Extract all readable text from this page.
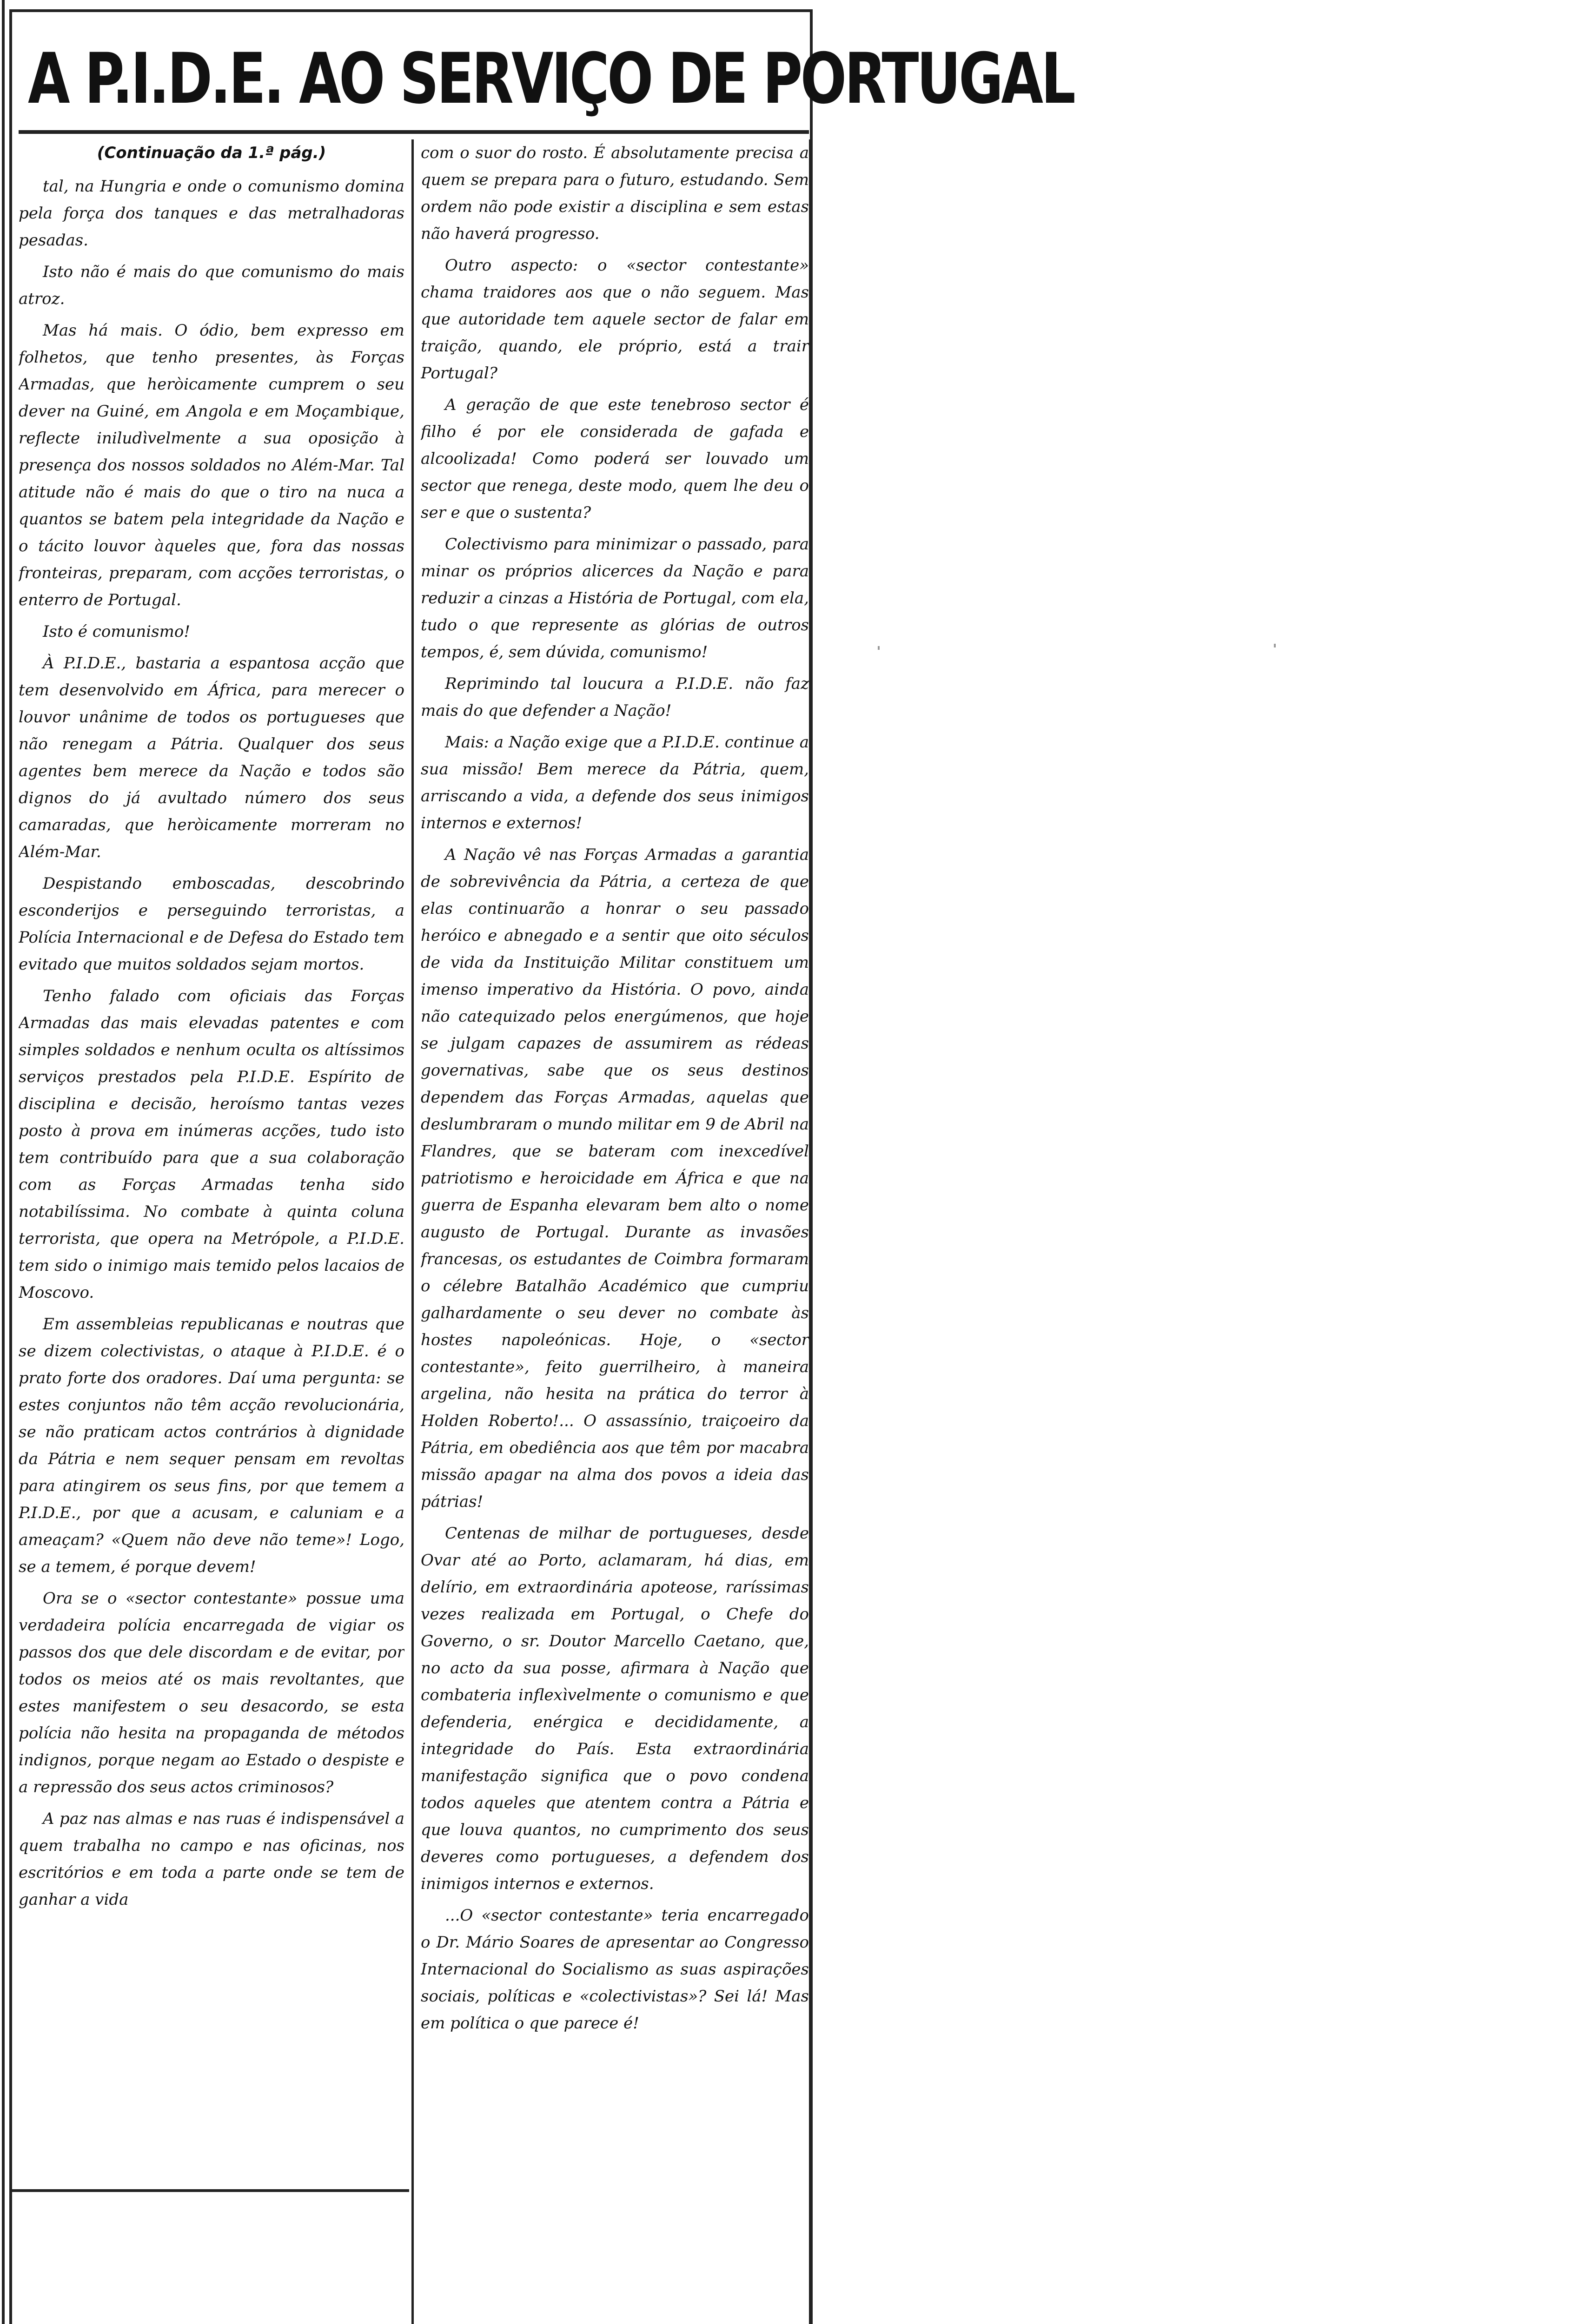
A P.I.D.E. AO SERVIÇO DE PORTUGAL
(Continuação da 1.ª pág.)

tal, na Hungria e onde o comunismo domina pela força dos tanques e das metralhadoras pesadas.

Isto não é mais do que comunismo do mais atroz.

Mas há mais. O ódio, bem expresso em folhetos, que tenho presentes, às Forças Armadas, que heròicamente cumprem o seu dever na Guiné, em Angola e em Moçambique, reflecte iniludìvelmente a sua oposição à presença dos nossos soldados no Além-Mar. Tal atitude não é mais do que o tiro na nuca a quantos se batem pela integridade da Nação e o tácito louvor àqueles que, fora das nossas fronteiras, preparam, com acções terroristas, o enterro de Portugal.

Isto é comunismo!

À P.I.D.E., bastaria a espantosa acção que tem desenvolvido em África, para merecer o louvor unânime de todos os portugueses que não renegam a Pátria. Qualquer dos seus agentes bem merece da Nação e todos são dignos do já avultado número dos seus camaradas, que heròicamente morreram no Além-Mar.

Despistando emboscadas, descobrindo esconderijos e perseguindo terroristas, a Polícia Internacional e de Defesa do Estado tem evitado que muitos soldados sejam mortos.

Tenho falado com oficiais das Forças Armadas das mais elevadas patentes e com simples soldados e nenhum oculta os altíssimos serviços prestados pela P.I.D.E. Espírito de disciplina e decisão, heroísmo tantas vezes posto à prova em inúmeras acções, tudo isto tem contribuído para que a sua colaboração com as Forças Armadas tenha sido notabilíssima. No combate à quinta coluna terrorista, que opera na Metrópole, a P.I.D.E. tem sido o inimigo mais temido pelos lacaios de Moscovo.

Em assembleias republicanas e noutras que se dizem colectivistas, o ataque à P.I.D.E. é o prato forte dos oradores. Daí uma pergunta: se estes conjuntos não têm acção revolucionária, se não praticam actos contrários à dignidade da Pátria e nem sequer pensam em revoltas para atingirem os seus fins, por que temem a P.I.D.E., por que a acusam, e caluniam e a ameaçam? «Quem não deve não teme»! Logo, se a temem, é porque devem!

Ora se o «sector contestante» possue uma verdadeira polícia encarregada de vigiar os passos dos que dele discordam e de evitar, por todos os meios até os mais revoltantes, que estes manifestem o seu desacordo, se esta polícia não hesita na propaganda de métodos indignos, porque negam ao Estado o despiste e a repressão dos seus actos criminosos?

A paz nas almas e nas ruas é indispensável a quem trabalha no campo e nas oficinas, nos escritórios e em toda a parte onde se tem de ganhar a vida

com o suor do rosto. É absolutamente precisa a quem se prepara para o futuro, estudando. Sem ordem não pode existir a disciplina e sem estas não haverá progresso.

Outro aspecto: o «sector contestante» chama traidores aos que o não seguem. Mas que autoridade tem aquele sector de falar em traição, quando, ele próprio, está a trair Portugal?

A geração de que este tenebroso sector é filho é por ele considerada de gafada e alcoolizada! Como poderá ser louvado um sector que renega, deste modo, quem lhe deu o ser e que o sustenta?

Colectivismo para minimizar o passado, para minar os próprios alicerces da Nação e para reduzir a cinzas a História de Portugal, com ela, tudo o que represente as glórias de outros tempos, é, sem dúvida, comunismo!

Reprimindo tal loucura a P.I.D.E. não faz mais do que defender a Nação!

Mais: a Nação exige que a P.I.D.E. continue a sua missão! Bem merece da Pátria, quem, arriscando a vida, a defende dos seus inimigos internos e externos!

A Nação vê nas Forças Armadas a garantia de sobrevivência da Pátria, a certeza de que elas continuarão a honrar o seu passado heróico e abnegado e a sentir que oito séculos de vida da Instituição Militar constituem um imenso imperativo da História. O povo, ainda não catequizado pelos energúmenos, que hoje se julgam capazes de assumirem as rédeas governativas, sabe que os seus destinos dependem das Forças Armadas, aquelas que deslumbraram o mundo militar em 9 de Abril na Flandres, que se bateram com inexcedível patriotismo e heroicidade em África e que na guerra de Espanha elevaram bem alto o nome augusto de Portugal. Durante as invasões francesas, os estudantes de Coimbra formaram o célebre Batalhão Académico que cumpriu galhardamente o seu dever no combate às hostes napoleónicas. Hoje, o «sector contestante», feito guerrilheiro, à maneira argelina, não hesita na prática do terror à Holden Roberto!... O assassínio, traiçoeiro da Pátria, em obediência aos que têm por macabra missão apagar na alma dos povos a ideia das pátrias!

Centenas de milhar de portugueses, desde Ovar até ao Porto, aclamaram, há dias, em delírio, em extraordinária apoteose, raríssimas vezes realizada em Portugal, o Chefe do Governo, o sr. Doutor Marcello Caetano, que, no acto da sua posse, afirmara à Nação que combateria inflexìvelmente o comunismo e que defenderia, enérgica e decididamente, a integridade do País. Esta extraordinária manifestação significa que o povo condena todos aqueles que atentem contra a Pátria e que louva quantos, no cumprimento dos seus deveres como portugueses, a defendem dos inimigos internos e externos.

...O «sector contestante» teria encarregado o Dr. Mário Soares de apresentar ao Congresso Internacional do Socialismo as suas aspirações sociais, políticas e «colectivistas»? Sei lá! Mas em política o que parece é!
